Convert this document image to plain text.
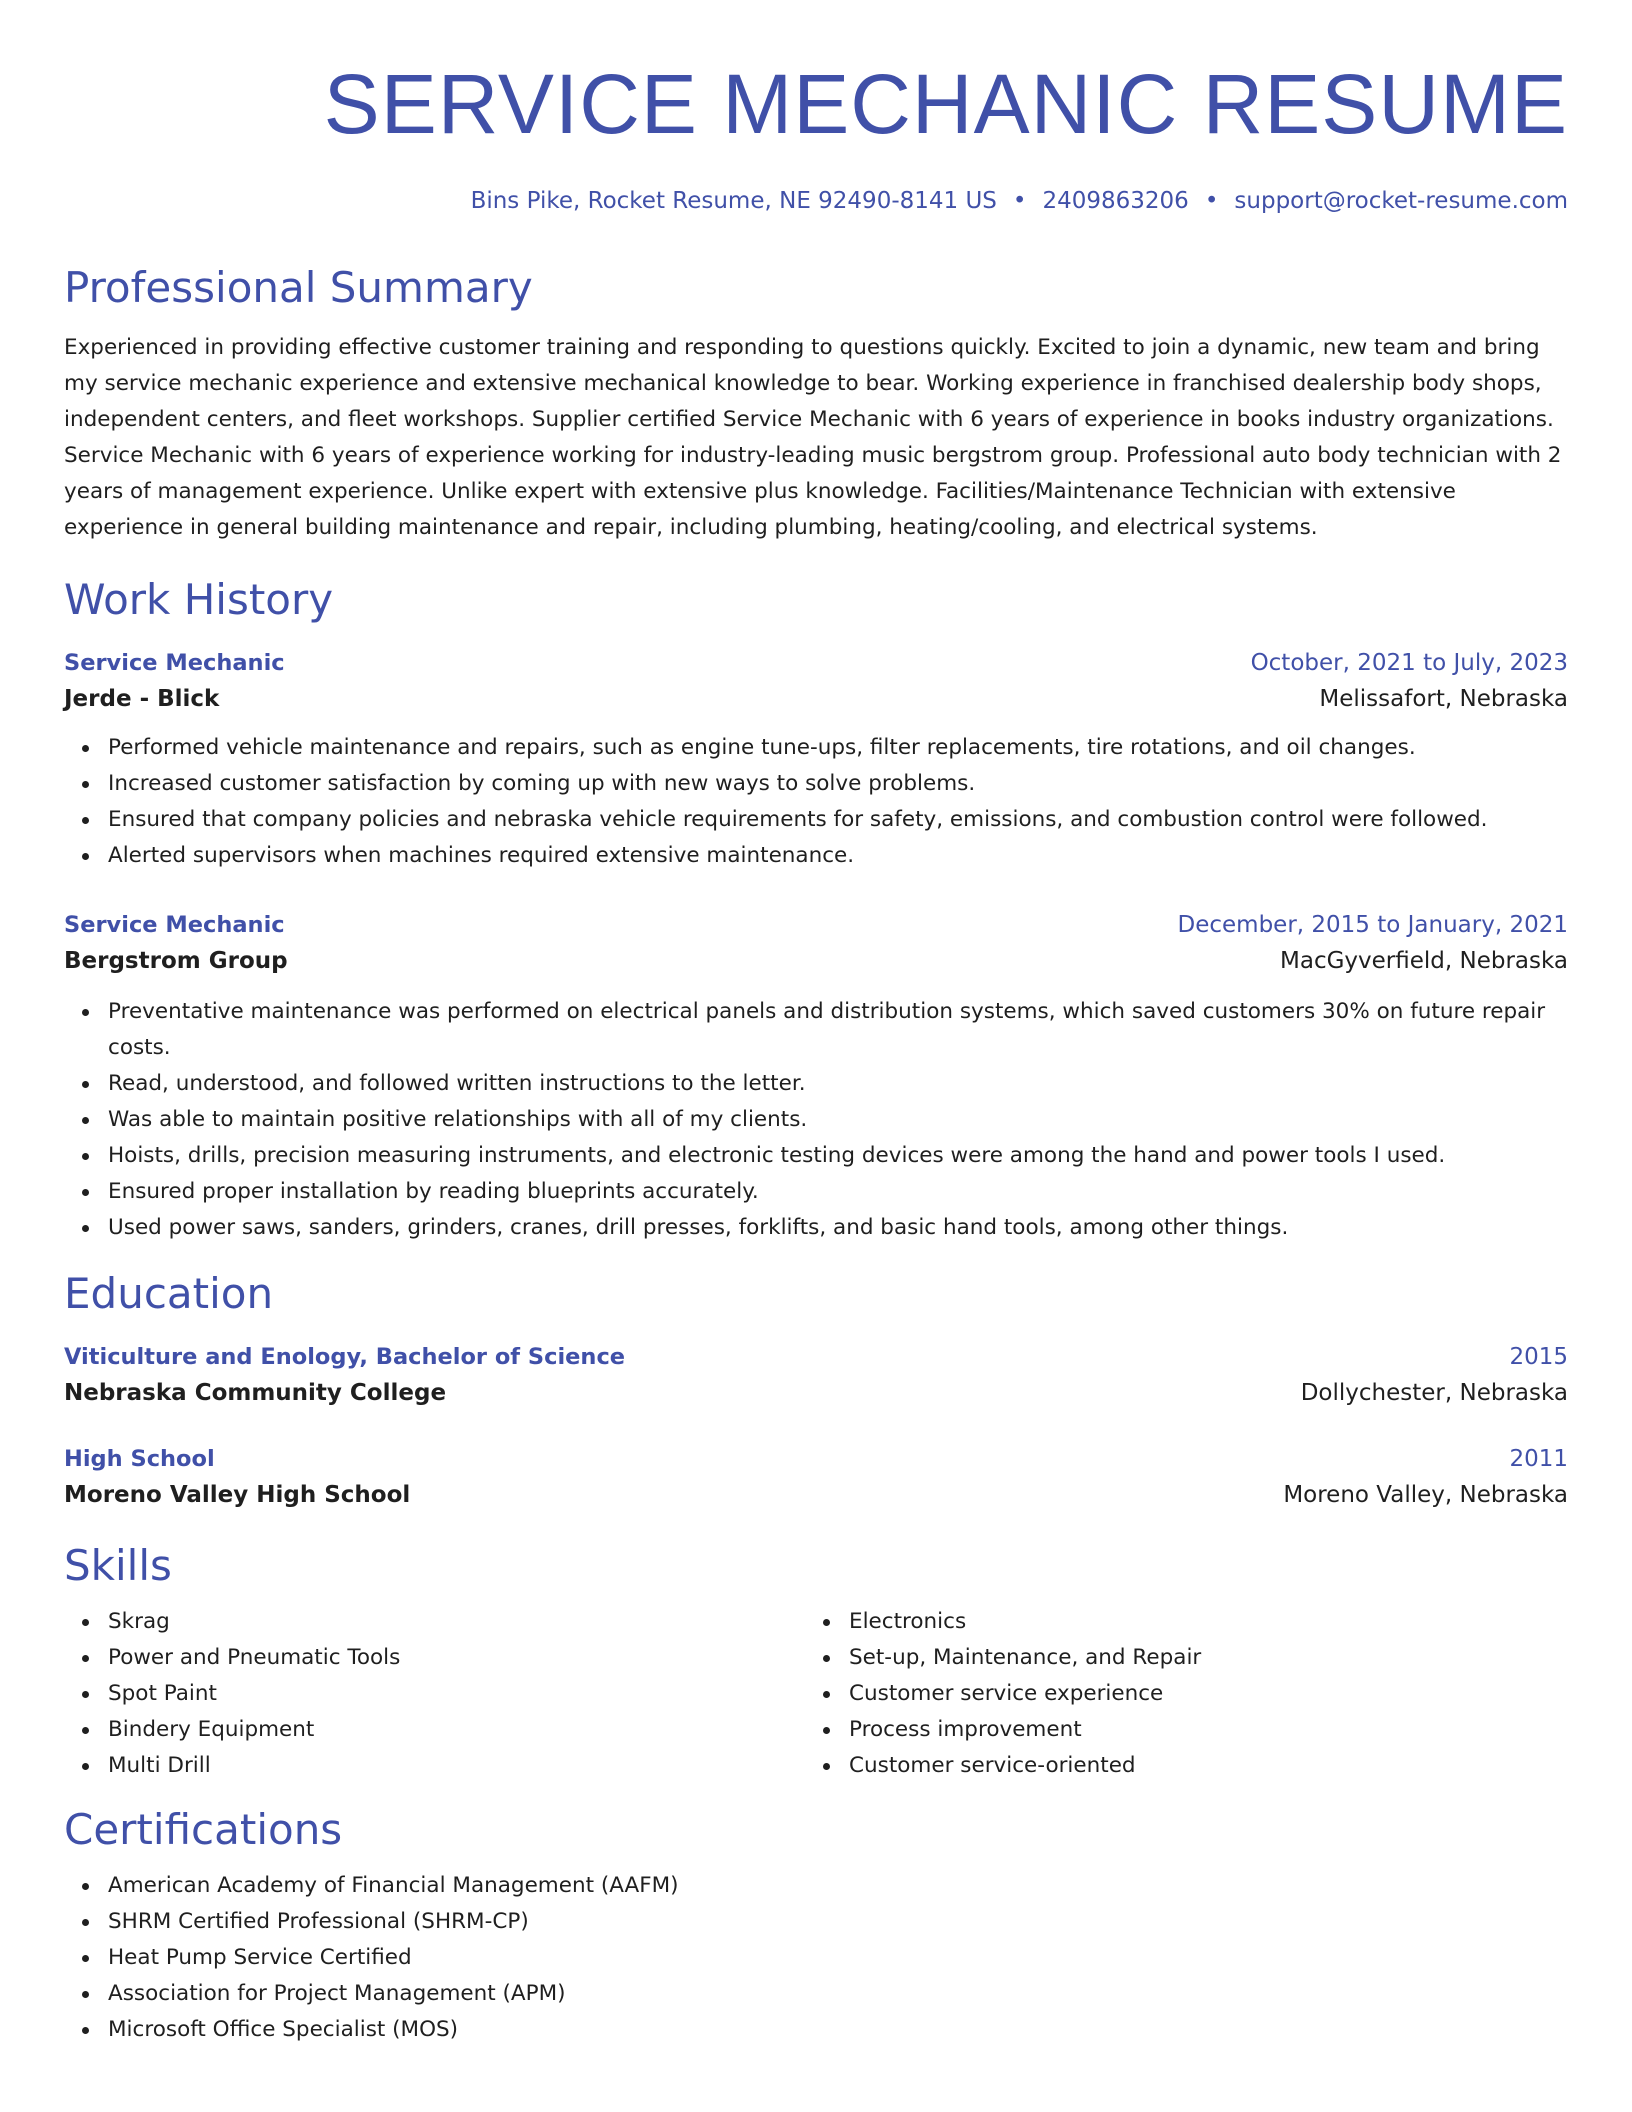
SERVICE MECHANIC RESUME
Bins Pike, Rocket Resume, NE 92490-8141 US • 2409863206 • support@rocket-resume.com
Professional Summary

Experienced in providing effective customer training and responding to questions quickly. Excited to join a dynamic, new team and bring my service mechanic experience and extensive mechanical knowledge to bear. Working experience in franchised dealership body shops, independent centers, and fleet workshops. Supplier certified Service Mechanic with 6 years of experience in books industry organizations. Service Mechanic with 6 years of experience working for industry-leading music bergstrom group. Professional auto body technician with 2 years of management experience. Unlike expert with extensive plus knowledge. Facilities/Maintenance Technician with extensive experience in general building maintenance and repair, including plumbing, heating/cooling, and electrical systems.

Work History
Service Mechanic	October, 2021 to July, 2023
Jerde - Blick	Melissafort, Nebraska
Performed vehicle maintenance and repairs, such as engine tune-ups, filter replacements, tire rotations, and oil changes.
Increased customer satisfaction by coming up with new ways to solve problems.
Ensured that company policies and nebraska vehicle requirements for safety, emissions, and combustion control were followed.
Alerted supervisors when machines required extensive maintenance.
Service Mechanic	December, 2015 to January, 2021
Bergstrom Group	MacGyverfield, Nebraska
Preventative maintenance was performed on electrical panels and distribution systems, which saved customers 30% on future repair costs.
Read, understood, and followed written instructions to the letter.
Was able to maintain positive relationships with all of my clients.
Hoists, drills, precision measuring instruments, and electronic testing devices were among the hand and power tools I used.
Ensured proper installation by reading blueprints accurately.
Used power saws, sanders, grinders, cranes, drill presses, forklifts, and basic hand tools, among other things.
Education
Viticulture and Enology, Bachelor of Science	2015
Nebraska Community College	Dollychester, Nebraska
High School	2011
Moreno Valley High School	Moreno Valley, Nebraska
Skills
Skrag
Power and Pneumatic Tools
Spot Paint
Bindery Equipment
Multi Drill
Electronics
Set-up, Maintenance, and Repair
Customer service experience
Process improvement
Customer service-oriented
Certifications
American Academy of Financial Management (AAFM)
SHRM Certified Professional (SHRM-CP)
Heat Pump Service Certified
Association for Project Management (APM)
Microsoft Office Specialist (MOS)
